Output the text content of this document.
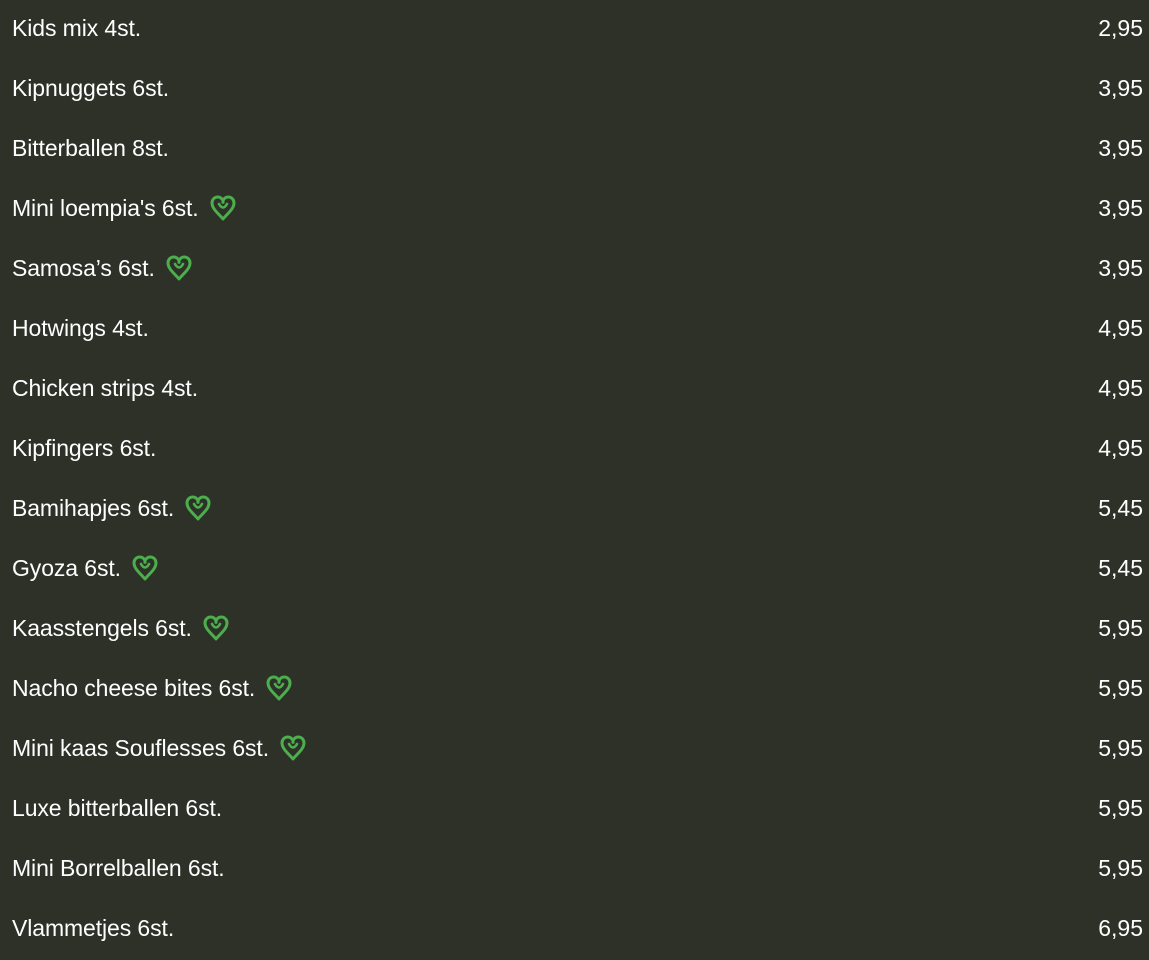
Kids mix 4st.	2,95
Kipnuggets 6st.	3,95
Bitterballen 8st.	3,95
Mini loempia's 6st.	3,95
Samosa’s 6st.	3,95
Hotwings 4st.	4,95
Chicken strips 4st.	4,95
Kipfingers 6st.	4,95
Bamihapjes 6st.	5,45
Gyoza 6st.	5,45
Kaasstengels 6st.	5,95
Nacho cheese bites 6st.	5,95
Mini kaas Souflesses 6st.	5,95
Luxe bitterballen 6st.	5,95
Mini Borrelballen 6st.	5,95
Vlammetjes 6st.	6,95
